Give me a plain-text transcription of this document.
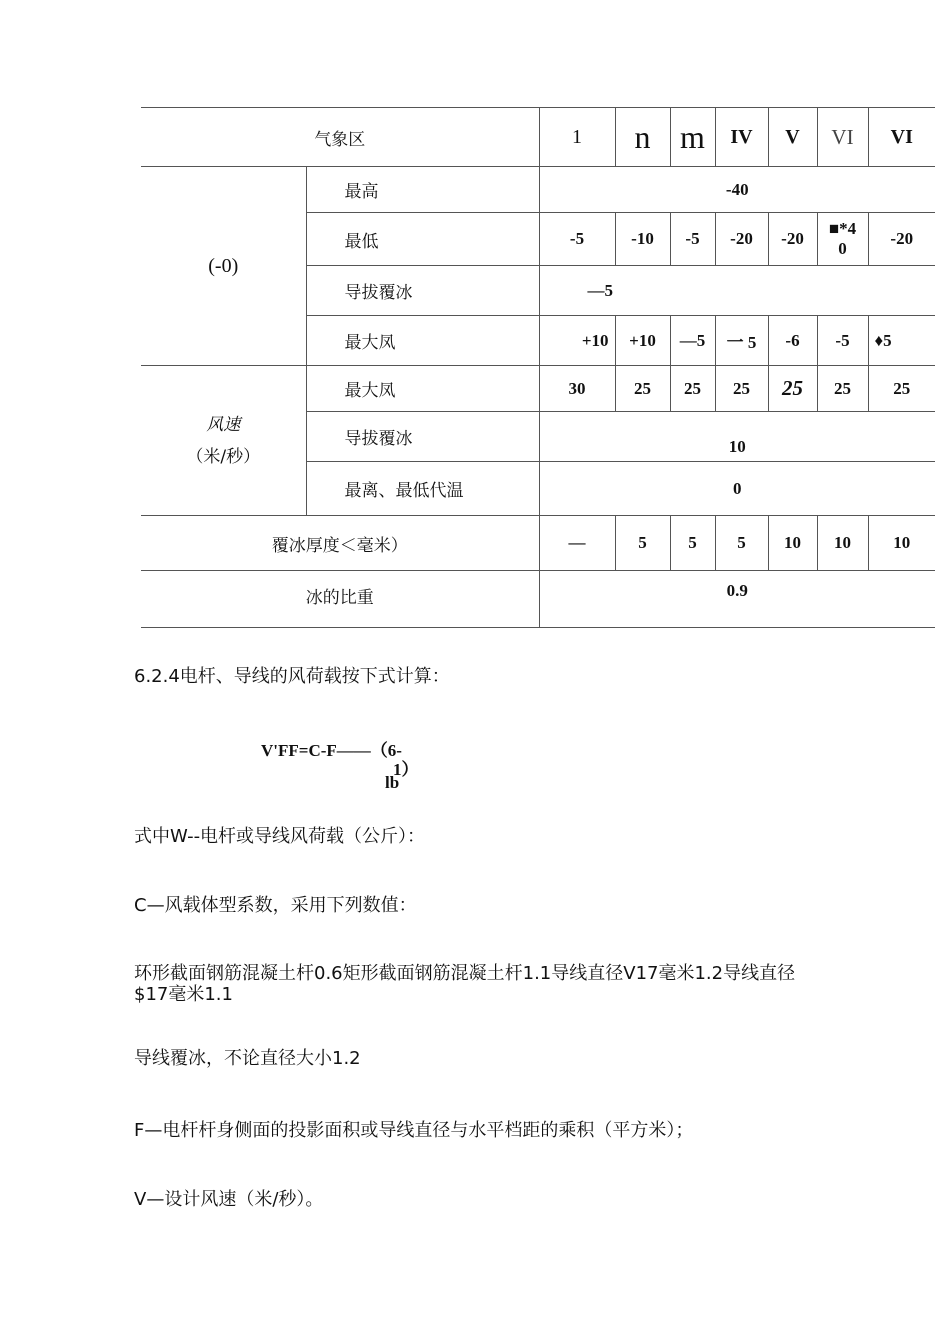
气象区		1	n	m	IV	V	VI	VI
(-0)	最高	-40						
	最低	-5	-10	-5	-20	-20	■*4 0	-20
	导拔覆冰	—5						
	最大凤	+10	+10	—5	一 5	-6	-5	♦5
风速
（米/秒）	最大凤	30	25	25	25	25	25	25
	导拔覆冰	10						
	最离、最低代温	0						
覆冰厚度＜毫米）		—	5	5	5	10	10	10
冰的比重		0.9						
6.2.4电杆、导线的风荷载按下式计算：
V'FF=C-F——（6-
1）
lb
式中W--电杆或导线风荷载（公斤）：
C—风载体型系数，采用下列数值：
环形截面钢筋混凝土杆0.6矩形截面钢筋混凝土杆1.1导线直径V17毫米1.2导线直径
$17毫米1.1
导线覆冰，不论直径大小1.2
F—电杆杆身侧面的投影面积或导线直径与水平档距的乘积（平方米）；
V—设计风速（米/秒）。
